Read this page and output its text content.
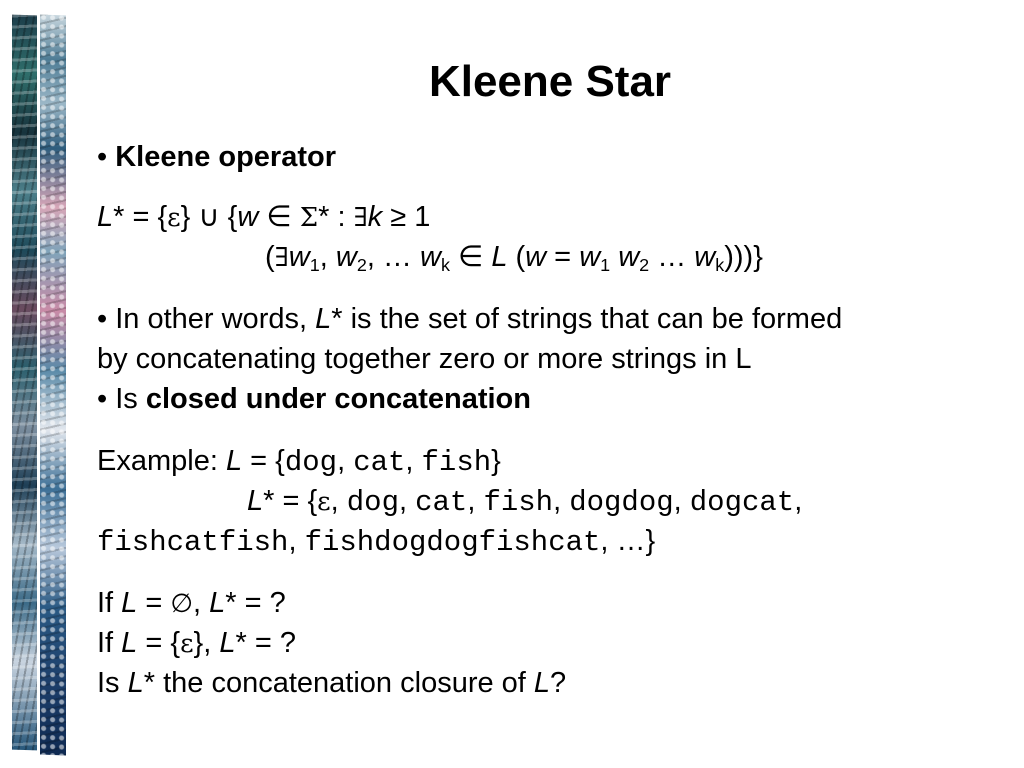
Kleene Star
• Kleene operator
L* = {ε} ∪ {w ∈ Σ* : ∃k ≥ 1
($\exists w_1$, $w_2$, … $w_k$ ∈ L ($w = w_1$ $w_2$ … $w_k$)))}
• In other words, L* is the set of strings that can be formed
by concatenating together zero or more strings in L
• Is closed under concatenation
Example: L = {dog, cat, fish}
L* = {ε, dog, cat, fish, dogdog, dogcat,
fishcatfish, fishdogdogfishcat, …}
If L = ∅, L* = ?
If L = {ε}, L* = ?
Is L* the concatenation closure of L?
